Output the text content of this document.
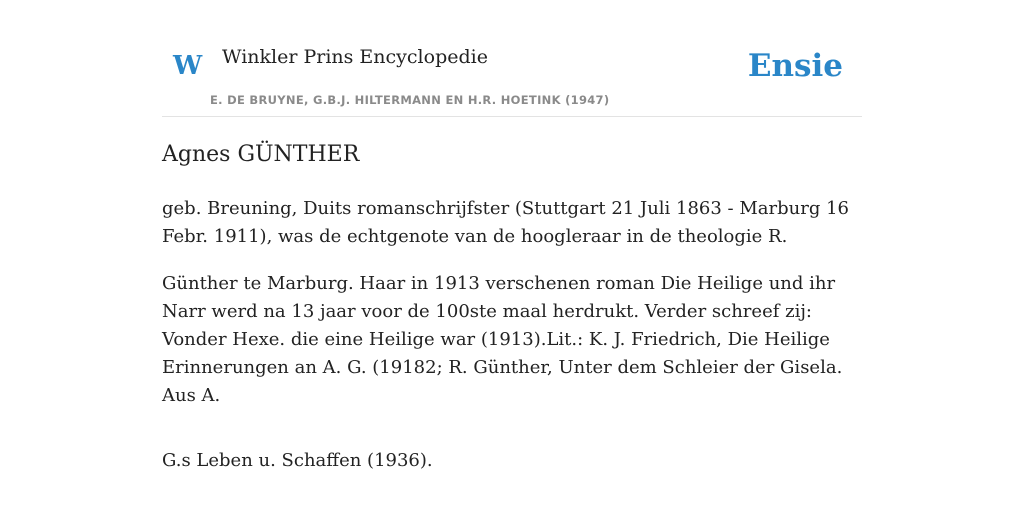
W Winkler Prins Encyclopedie
E. DE BRUYNE, G.B.J. HILTERMANN EN H.R. HOETINK (1947)
Ensie
Agnes GÜNTHER

geb. Breuning, Duits romanschrijfster (Stuttgart 21 Juli 1863 - Marburg 16 Febr. 1911), was de echtgenote van de hoogleraar in de theologie R.

Günther te Marburg. Haar in 1913 verschenen roman Die Heilige und ihr Narr werd na 13 jaar voor de 100ste maal herdrukt. Verder schreef zij: Vonder Hexe. die eine Heilige war (1913).Lit.: K. J. Friedrich, Die Heilige Erinnerungen an A. G. (19182; R. Günther, Unter dem Schleier der Gisela. Aus A.

G.s Leben u. Schaffen (1936).
